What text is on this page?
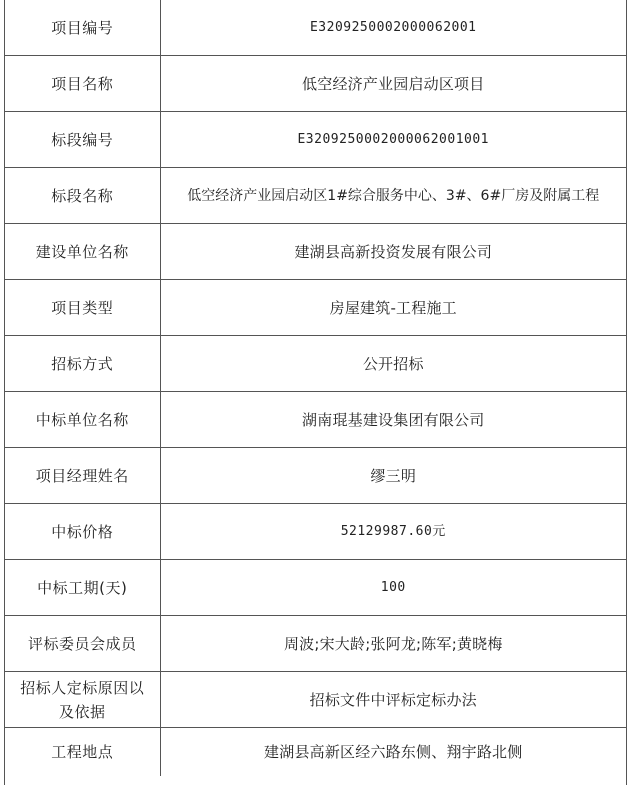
项目编号	E3209250002000062001
项目名称	低空经济产业园启动区项目
标段编号	E3209250002000062001001
标段名称	低空经济产业园启动区1#综合服务中心、3#、6#厂房及附属工程
建设单位名称	建湖县高新投资发展有限公司
项目类型	房屋建筑-工程施工
招标方式	公开招标
中标单位名称	湖南琨基建设集团有限公司
项目经理姓名	缪三明
中标价格	52129987.60元
中标工期(天)	100
评标委员会成员	周波;宋大龄;张阿龙;陈军;黄晓梅
招标人定标原因以及依据	招标文件中评标定标办法
工程地点	建湖县高新区经六路东侧、翔宇路北侧
